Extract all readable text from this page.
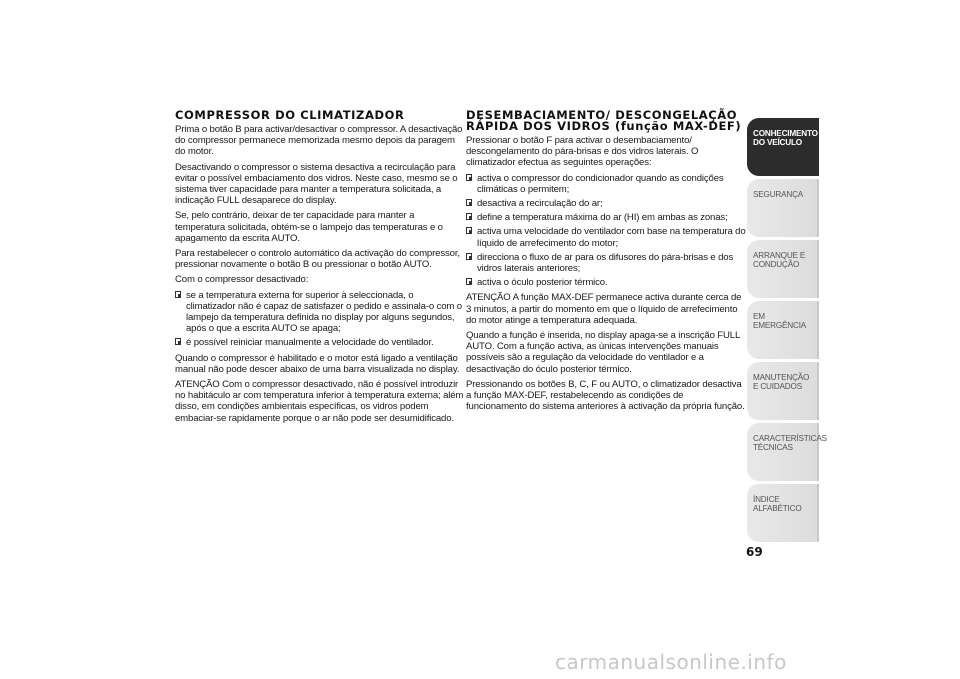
COMPRESSOR DO CLIMATIZADOR

Prima o botão B para activar/desactivar o compressor. A desactivação do compressor permanece memorizada mesmo depois da paragem do motor.

Desactivando o compressor o sistema desactiva a recirculação para evitar o possível embaciamento dos vidros. Neste caso, mesmo se o sistema tiver capacidade para manter a temperatura solicitada, a indicação FULL desaparece do display.

Se, pelo contrário, deixar de ter capacidade para manter a temperatura solicitada, obtém-se o lampejo das temperaturas e o apagamento da escrita AUTO.

Para restabelecer o controlo automático da activação do compressor, pressionar novamente o botão B ou pressionar o botão AUTO.

Com o compressor desactivado:

se a temperatura externa for superior à seleccionada, o climatizador não é capaz de satisfazer o pedido e assinala-o com o lampejo da temperatura definida no display por alguns segundos, após o que a escrita AUTO se apaga;
é possível reiniciar manualmente a velocidade do ventilador.

Quando o compressor é habilitado e o motor está ligado a ventilação manual não pode descer abaixo de uma barra visualizada no display.

ATENÇÃO Com o compressor desactivado, não é possível introduzir no habitáculo ar com temperatura inferior à temperatura externa; além disso, em condições ambientais específicas, os vidros podem embaciar-se rapidamente porque o ar não pode ser desumidificado.

DESEMBACIAMENTO/ DESCONGELAÇÃO RÁPIDA DOS VIDROS (função MAX-DEF)

Pressionar o botão F para activar o desembaciamento/ descongelamento do pára-brisas e dos vidros laterais. O climatizador efectua as seguintes operações:

activa o compressor do condicionador quando as condições climáticas o permitem;
desactiva a recirculação do ar;
define a temperatura máxima do ar (HI) em ambas as zonas;
activa uma velocidade do ventilador com base na temperatura do líquido de arrefecimento do motor;
direcciona o fluxo de ar para os difusores do pára-brisas e dos vidros laterais anteriores;
activa o óculo posterior térmico.

ATENÇÃO A função MAX-DEF permanece activa durante cerca de 3 minutos, a partir do momento em que o líquido de arrefecimento do motor atinge a temperatura adequada.

Quando a função é inserida, no display apaga-se a inscrição FULL AUTO. Com a função activa, as únicas intervenções manuais possíveis são a regulação da velocidade do ventilador e a desactivação do óculo posterior térmico.

Pressionando os botões B, C, F ou AUTO, o climatizador desactiva a função MAX-DEF, restabelecendo as condições de funcionamento do sistema anteriores à activação da própria função.

CONHECIMENTO DO VEÍCULO
SEGURANÇA
ARRANQUE E CONDUÇÃO
EM EMERGÊNCIA
MANUTENÇÃO E CUIDADOS
CARACTERÍSTICAS TÉCNICAS
ÍNDICE ALFABÉTICO
69
carmanualsonline.info
